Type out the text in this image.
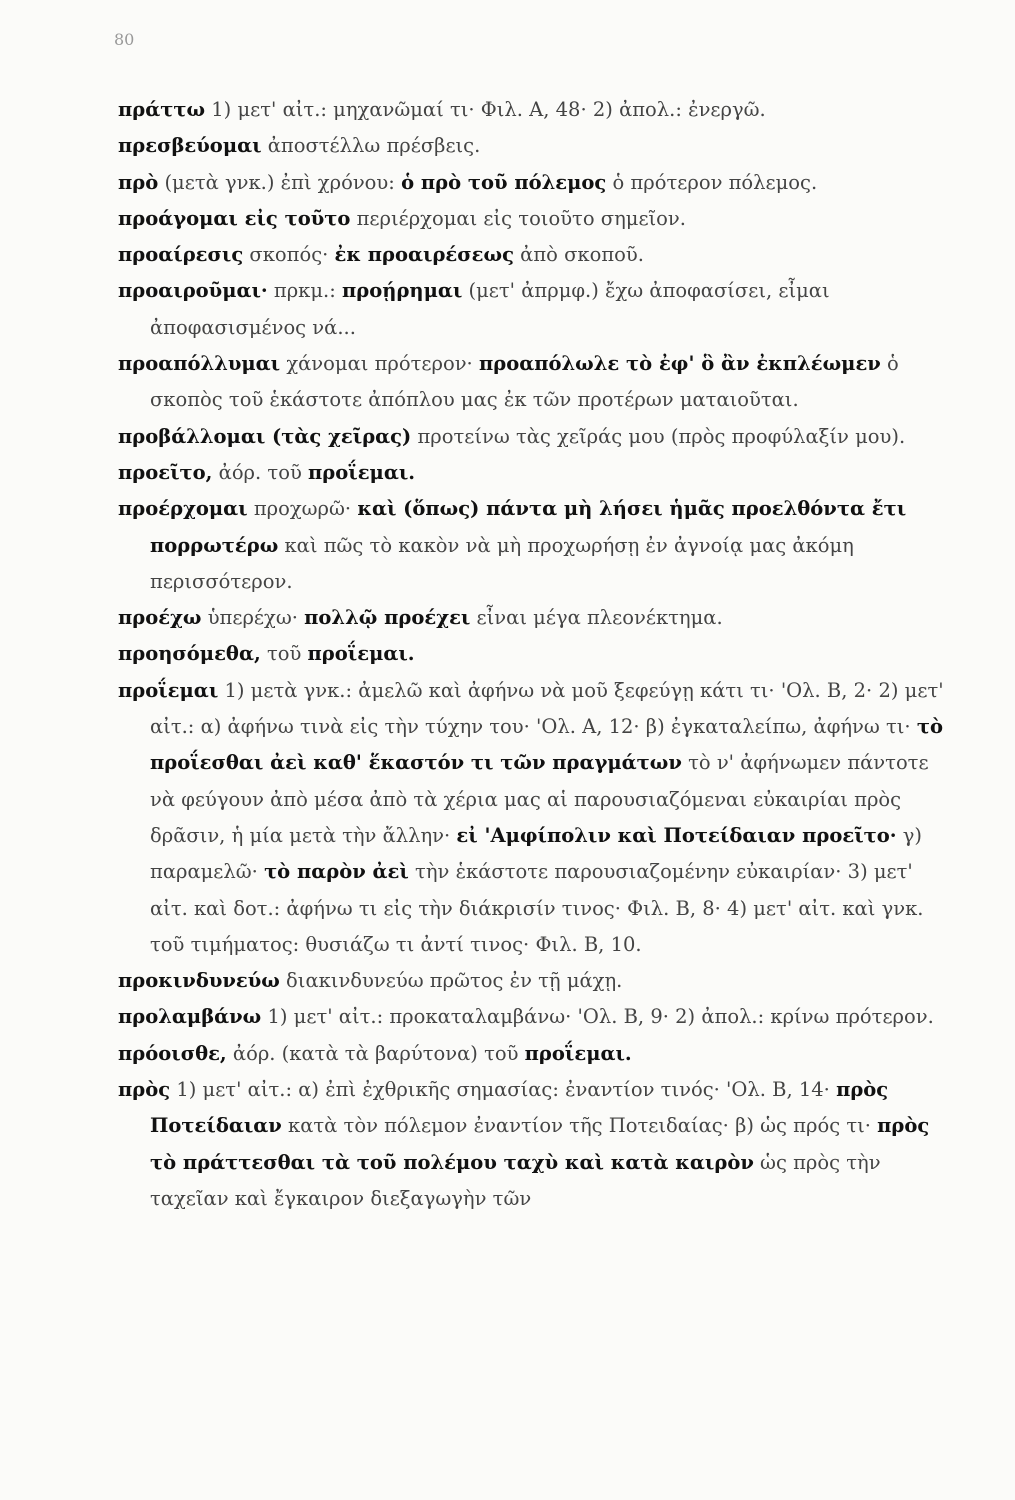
80
πράττω 1) μετ' αἰτ.: μηχανῶμαί τι· Φιλ. Α, 48· 2) ἀπολ.: ἐνεργῶ.
πρεσβεύομαι ἀποστέλλω πρέσβεις.
πρὸ (μετὰ γνκ.) ἐπὶ χρόνου: ὁ πρὸ τοῦ πόλεμος ὁ πρότερον πόλεμος.
προάγομαι εἰς τοῦτο περιέρχομαι εἰς τοιοῦτο σημεῖον.
προαίρεσις σκοπός· ἐκ προαιρέσεως ἀπὸ σκοποῦ.
προαιροῦμαι· πρκμ.: προῄρημαι (μετ' ἀπρμφ.) ἔχω ἀποφασίσει, εἶμαι ἀποφασισμένος νά...
προαπόλλυμαι χάνομαι πρότερον· προαπόλωλε τὸ ἐφ' ὃ ἂν ἐκπλέωμεν ὁ σκοπὸς τοῦ ἑκάστοτε ἀπόπλου μας ἐκ τῶν προτέρων ματαιοῦται.
προβάλλομαι (τὰς χεῖρας) προτείνω τὰς χεῖράς μου (πρὸς προφύλαξίν μου).
προεῖτο, ἀόρ. τοῦ προΐεμαι.
προέρχομαι προχωρῶ· καὶ (ὅπως) πάντα μὴ λήσει ἡμᾶς προελθόντα ἔτι πορρωτέρω καὶ πῶς τὸ κακὸν νὰ μὴ προχωρήσῃ ἐν ἀγνοίᾳ μας ἀκόμη περισσότερον.
προέχω ὑπερέχω· πολλῷ προέχει εἶναι μέγα πλεονέκτημα.
προησόμεθα, τοῦ προΐεμαι.
προΐεμαι 1) μετὰ γνκ.: ἀμελῶ καὶ ἀφήνω νὰ μοῦ ξεφεύγῃ κάτι τι· 'Ολ. Β, 2· 2) μετ' αἰτ.: α) ἀφήνω τινὰ εἰς τὴν τύχην του· 'Ολ. Α, 12· β) ἐγκαταλείπω, ἀφήνω τι· τὸ προΐεσθαι ἀεὶ καθ' ἕκαστόν τι τῶν πραγμάτων τὸ ν' ἀφήνωμεν πάντοτε νὰ φεύγουν ἀπὸ μέσα ἀπὸ τὰ χέρια μας αἱ παρουσιαζόμεναι εὐκαιρίαι πρὸς δρᾶσιν, ἡ μία μετὰ τὴν ἄλλην· εἰ 'Αμφίπολιν καὶ Ποτείδαιαν προεῖτο· γ) παραμελῶ· τὸ παρὸν ἀεὶ τὴν ἑκάστοτε παρουσιαζομένην εὐκαιρίαν· 3) μετ' αἰτ. καὶ δοτ.: ἀφήνω τι εἰς τὴν διάκρισίν τινος· Φιλ. Β, 8· 4) μετ' αἰτ. καὶ γνκ. τοῦ τιμήματος: θυσιάζω τι ἀντί τινος· Φιλ. Β, 10.
προκινδυνεύω διακινδυνεύω πρῶτος ἐν τῇ μάχῃ.
προλαμβάνω 1) μετ' αἰτ.: προκαταλαμβάνω· 'Ολ. Β, 9· 2) ἀπολ.: κρίνω πρότερον.
πρόοισθε, ἀόρ. (κατὰ τὰ βαρύτονα) τοῦ προΐεμαι.
πρὸς 1) μετ' αἰτ.: α) ἐπὶ ἐχθρικῆς σημασίας: ἐναντίον τινός· 'Ολ. Β, 14· πρὸς Ποτείδαιαν κατὰ τὸν πόλεμον ἐναντίον τῆς Ποτειδαίας· β) ὡς πρός τι· πρὸς τὸ πράττεσθαι τὰ τοῦ πολέμου ταχὺ καὶ κατὰ καιρὸν ὡς πρὸς τὴν ταχεῖαν καὶ ἔγκαιρον διεξαγωγὴν τῶν
